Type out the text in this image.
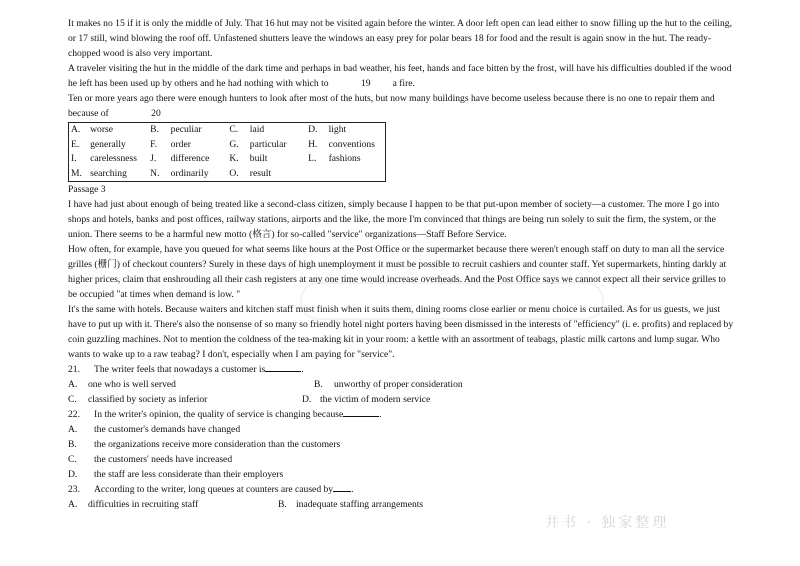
It makes no 15 if it is only the middle of July. That 16 hut may not be visited again before the winter. A door left open can lead either to snow filling up the hut to the ceiling, or 17 still, wind blowing the roof off. Unfastened shutters leave the windows an easy prey for polar bears 18 for food and the result is again snow in the hut. The ready-chopped wood is also very important.
A traveler visiting the hut in the middle of the dark time and perhaps in bad weather, his feet, hands and face bitten by the frost, will have his difficulties doubled if the wood he left has been used up by others and he had nothing with which to	19 a fire.
Ten or more years ago there were enough hunters to look after most of the huts, but now many buildings have become useless because there is no one to repair them and because of	20
A.	worse	B.	peculiar	C.	laid	D.	light
E.	generally	F.	order	G.	particular	H.	conventions
I.	carelessness	J.	difference	K.	built	L.	fashions
M.	searching	N.	ordinarily	O.	result		
Passage 3
I have had just about enough of being treated like a second-class citizen, simply because I happen to be that put-upon member of society—a customer. The more I go into shops and hotels, banks and post offices, railway stations, airports and the like, the more I'm convinced that things are being run solely to suit the firm, the system, or the union. There seems to be a harmful new motto (格言) for so-called "service" organizations—Staff Before Service.
How often, for example, have you queued for what seems like hours at the Post Office or the supermarket because there weren't enough staff on duty to man all the service grilles (栅门) of checkout counters? Surely in these days of high unemployment it must be possible to recruit cashiers and counter staff. Yet supermarkets, hinting darkly at higher prices, claim that enshrouding all their cash registers at any one time would increase overheads. And the Post Office says we cannot expect all their service grilles to be occupied "at times when demand is low. "
It's the same with hotels. Because waiters and kitchen staff must finish when it suits them, dining rooms close earlier or menu choice is curtailed. As for us guests, we just have to put up with it. There's also the nonsense of so many so friendly hotel night porters having been dismissed in the interests of "efficiency" (i. e. profits) and replaced by coin guzzling machines. Not to mention the coldness of the tea-making kit in your room: a kettle with an assortment of teabags, plastic milk cartons and lump sugar. Who wants to wake up to a raw teabag? I don't, especially when I am paying for "service".
21. The writer feels that nowadays a customer is	.
A. one who is well served	B. unworthy of proper consideration
C. classified by society as inferior	D. the victim of modern service
22. In the writer's opinion, the quality of service is changing because	.
A.	the customer's demands have changed
B.	the organizations receive more consideration than the customers
C.	the customers' needs have increased
D.	the staff are less considerate than their employers
23. According to the writer, long queues at counters are caused by .
A. difficulties in recruiting staff	B. inadequate staffing arrangements
井书 · 独家整理
